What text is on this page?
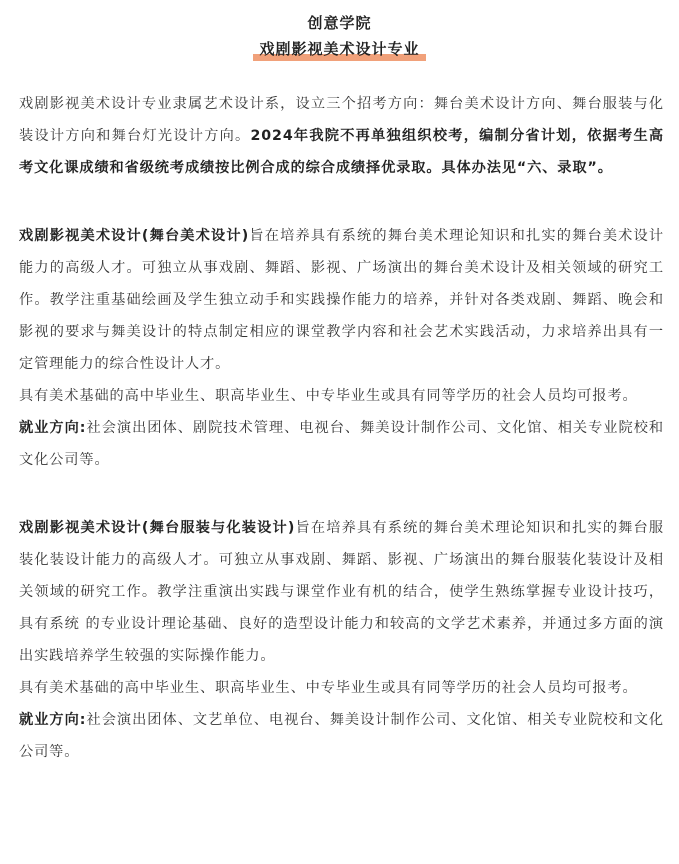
创意学院
戏剧影视美术设计专业

戏剧影视美术设计专业隶属艺术设计系，设立三个招考方向：舞台美术设计方向、舞台服装与化装设计方向和舞台灯光设计方向。2024年我院不再单独组织校考，编制分省计划，依据考生高考文化课成绩和省级统考成绩按比例合成的综合成绩择优录取。具体办法见“六、录取”。

戏剧影视美术设计(舞台美术设计)旨在培养具有系统的舞台美术理论知识和扎实的舞台美术设计能力的高级人才。可独立从事戏剧、舞蹈、影视、广场演出的舞台美术设计及相关领域的研究工作。教学注重基础绘画及学生独立动手和实践操作能力的培养，并针对各类戏剧、舞蹈、晚会和影视的要求与舞美设计的特点制定相应的课堂教学内容和社会艺术实践活动，力求培养出具有一定管理能力的综合性设计人才。

具有美术基础的高中毕业生、职高毕业生、中专毕业生或具有同等学历的社会人员均可报考。

就业方向:社会演出团体、剧院技术管理、电视台、舞美设计制作公司、文化馆、相关专业院校和文化公司等。

戏剧影视美术设计(舞台服装与化装设计)旨在培养具有系统的舞台美术理论知识和扎实的舞台服装化装设计能力的高级人才。可独立从事戏剧、舞蹈、影视、广场演出的舞台服装化装设计及相关领域的研究工作。教学注重演出实践与课堂作业有机的结合，使学生熟练掌握专业设计技巧，具有系统 的专业设计理论基础、良好的造型设计能力和较高的文学艺术素养，并通过多方面的演出实践培养学生较强的实际操作能力。

具有美术基础的高中毕业生、职高毕业生、中专毕业生或具有同等学历的社会人员均可报考。

就业方向:社会演出团体、文艺单位、电视台、舞美设计制作公司、文化馆、相关专业院校和文化公司等。
